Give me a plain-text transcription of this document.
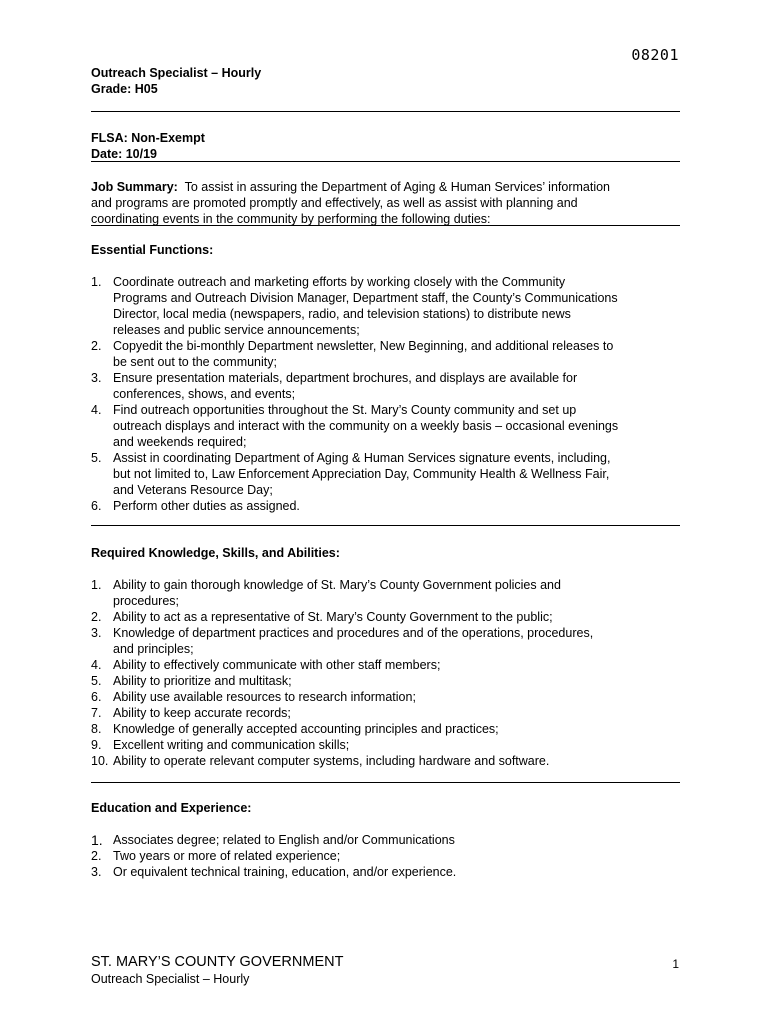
08201
Outreach Specialist – Hourly
Grade: H05
FLSA: Non-Exempt
Date: 10/19
Job Summary: To assist in assuring the Department of Aging & Human Services’ information
and programs are promoted promptly and effectively, as well as assist with planning and
coordinating events in the community by performing the following duties:
Essential Functions:
1. Coordinate outreach and marketing efforts by working closely with the Community
Programs and Outreach Division Manager, Department staff, the County’s Communications
Director, local media (newspapers, radio, and television stations) to distribute news
releases and public service announcements;
2. Copyedit the bi-monthly Department newsletter, New Beginning, and additional releases to
be sent out to the community;
3. Ensure presentation materials, department brochures, and displays are available for
conferences, shows, and events;
4. Find outreach opportunities throughout the St. Mary’s County community and set up
outreach displays and interact with the community on a weekly basis – occasional evenings
and weekends required;
5. Assist in coordinating Department of Aging & Human Services signature events, including,
but not limited to, Law Enforcement Appreciation Day, Community Health & Wellness Fair,
and Veterans Resource Day;
6. Perform other duties as assigned.
Required Knowledge, Skills, and Abilities:
1. Ability to gain thorough knowledge of St. Mary’s County Government policies and
procedures;
2. Ability to act as a representative of St. Mary’s County Government to the public;
3. Knowledge of department practices and procedures and of the operations, procedures,
and principles;
4. Ability to effectively communicate with other staff members;
5. Ability to prioritize and multitask;
6. Ability use available resources to research information;
7. Ability to keep accurate records;
8. Knowledge of generally accepted accounting principles and practices;
9. Excellent writing and communication skills;
10. Ability to operate relevant computer systems, including hardware and software.
Education and Experience:
1. Associates degree; related to English and/or Communications
2. Two years or more of related experience;
3. Or equivalent technical training, education, and/or experience.
ST. MARY’S COUNTY GOVERNMENT
Outreach Specialist – Hourly
1
